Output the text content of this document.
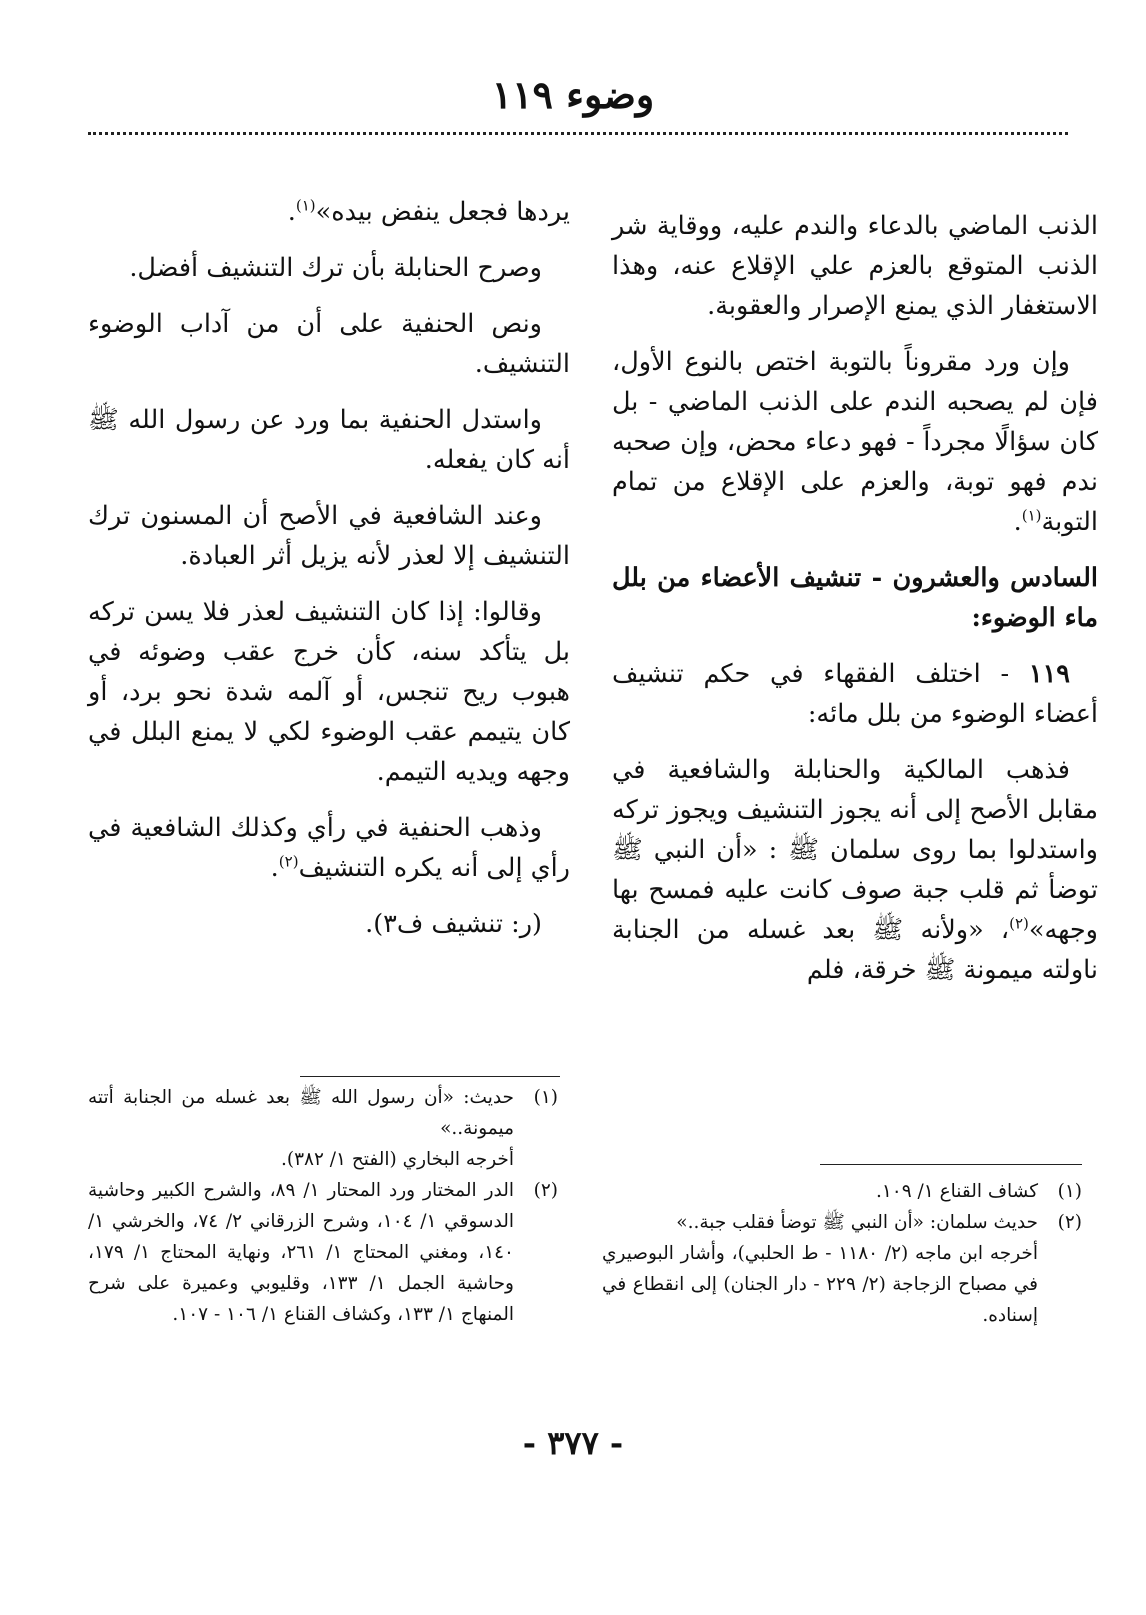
وضوء ١١٩

الذنب الماضي بالدعاء والندم عليه، ووقاية شر الذنب المتوقع بالعزم علي الإقلاع عنه، وهذا الاستغفار الذي يمنع الإصرار والعقوبة.

وإن ورد مقروناً بالتوبة اختص بالنوع الأول، فإن لم يصحبه الندم على الذنب الماضي - بل كان سؤالًا مجرداً - فهو دعاء محض، وإن صحبه ندم فهو توبة، والعزم على الإقلاع من تمام التوبة$^{(١)}$.

السادس والعشرون - تنشيف الأعضاء من بلل ماء الوضوء:

١١٩ - اختلف الفقهاء في حكم تنشيف أعضاء الوضوء من بلل مائه:

فذهب المالكية والحنابلة والشافعية في مقابل الأصح إلى أنه يجوز التنشيف ويجوز تركه واستدلوا بما روى سلمان ﷺ : «أن النبي ﷺ توضأ ثم قلب جبة صوف كانت عليه فمسح بها وجهه»$^{(٢)}$، «ولأنه ﷺ بعد غسله من الجنابة ناولته ميمونة ﷺ خرقة، فلم

يردها فجعل ينفض بيده»$^{(١)}$.

وصرح الحنابلة بأن ترك التنشيف أفضل.

ونص الحنفية على أن من آداب الوضوء التنشيف.

واستدل الحنفية بما ورد عن رسول الله ﷺ أنه كان يفعله.

وعند الشافعية في الأصح أن المسنون ترك التنشيف إلا لعذر لأنه يزيل أثر العبادة.

وقالوا: إذا كان التنشيف لعذر فلا يسن تركه بل يتأكد سنه، كأن خرج عقب وضوئه في هبوب ريح تنجس، أو آلمه شدة نحو برد، أو كان يتيمم عقب الوضوء لكي لا يمنع البلل في وجهه ويديه التيمم.

وذهب الحنفية في رأي وكذلك الشافعية في رأي إلى أنه يكره التنشيف$^{(٢)}$.

(ر: تنشيف ف٣).

(١)
حديث: «أن رسول الله ﷺ بعد غسله من الجنابة أتته ميمونة..»
أخرجه البخاري (الفتح ١/ ٣٨٢).
(٢)
الدر المختار ورد المحتار ١/ ٨٩، والشرح الكبير وحاشية الدسوقي ١/ ١٠٤، وشرح الزرقاني ٢/ ٧٤، والخرشي ١/ ١٤٠، ومغني المحتاج ١/ ٢٦١، ونهاية المحتاج ١/ ١٧٩، وحاشية الجمل ١/ ١٣٣، وقليوبي وعميرة على شرح المنهاج ١/ ١٣٣، وكشاف القناع ١/ ١٠٦ - ١٠٧.
(١)
كشاف القناع ١/ ١٠٩.
(٢)
حديث سلمان: «أن النبي ﷺ توضأ فقلب جبة..»
أخرجه ابن ماجه (٢/ ١١٨٠ - ط الحلبي)، وأشار البوصيري في مصباح الزجاجة (٢/ ٢٢٩ - دار الجنان) إلى انقطاع في إسناده.
- ٣٧٧ -
